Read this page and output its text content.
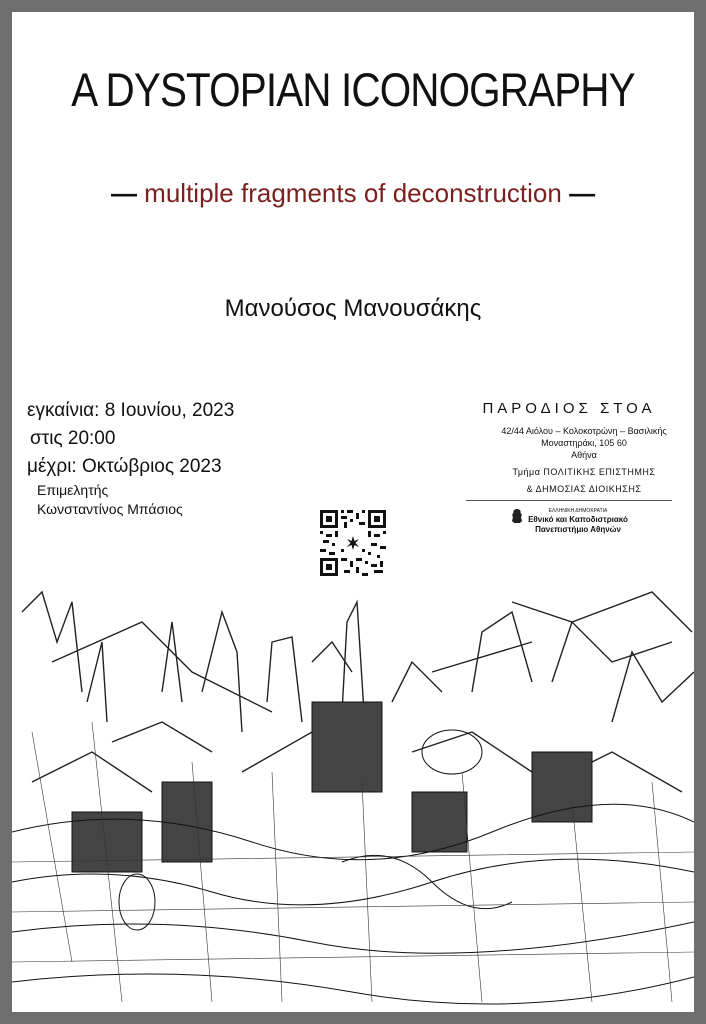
A DYSTOPIAN ICONOGRAPHY
— multiple fragments of deconstruction —
Μανούσος Μανουσάκης
εγκαίνια: 8 Ιουνίου, 2023
στις 20:00
μέχρι: Οκτώβριος 2023
Επιμελητής
Κωνσταντίνος Μπάσιος
ΠΑΡΟΔΙΟΣ ΣΤΟΑ
42/44 Αιόλου – Κολοκοτρώνη – Βασιλικής
Μοναστηράκι, 105 60
Αθήνα
Τμήμα ΠΟΛΙΤΙΚΗΣ ΕΠΙΣΤΗΜΗΣ
& ΔΗΜΟΣΙΑΣ ΔΙΟΙΚΗΣΗΣ
ΕΛΛΗΝΙΚΗ ΔΗΜΟΚΡΑΤΙΑ
Εθνικό και Καποδιστριακό
Πανεπιστήμιο Αθηνών
